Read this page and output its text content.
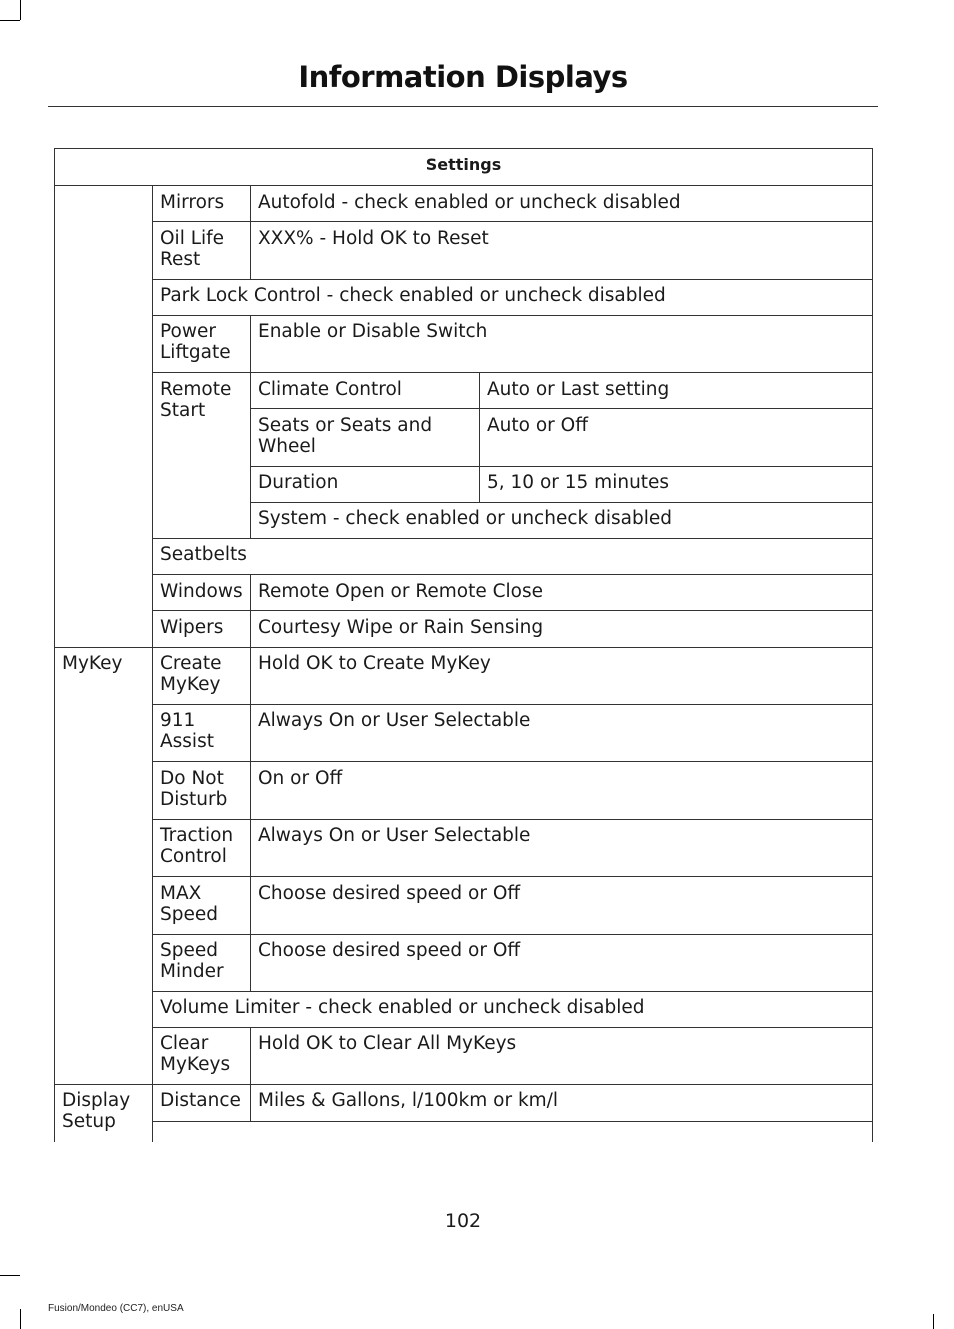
Information Displays
Settings
Mirrors Autofold - check enabled or uncheck disabled
Oil Life
Rest
XXX% - Hold OK to Reset
Park Lock Control - check enabled or uncheck disabled
Power
Liftgate
Enable or Disable Switch
Remote
Start
Climate Control	Auto or Last setting
Seats or Seats and
Wheel
Auto or Off
Duration	5, 10 or 15 minutes
System - check enabled or uncheck disabled
Seatbelts
Windows Remote Open or Remote Close
Wipers Courtesy Wipe or Rain Sensing
MyKey Create
MyKey
Hold OK to Create MyKey
911
Assist
Always On or User Selectable
Do Not
Disturb
On or Off
Traction
Control
Always On or User Selectable
MAX
Speed
Choose desired speed or Off
Speed
Minder
Choose desired speed or Off
Volume Limiter - check enabled or uncheck disabled
Clear
MyKeys
Hold OK to Clear All MyKeys
Display
Setup
Distance Miles & Gallons, l/100km or km/l
102
Fusion/Mondeo (CC7), enUSA
